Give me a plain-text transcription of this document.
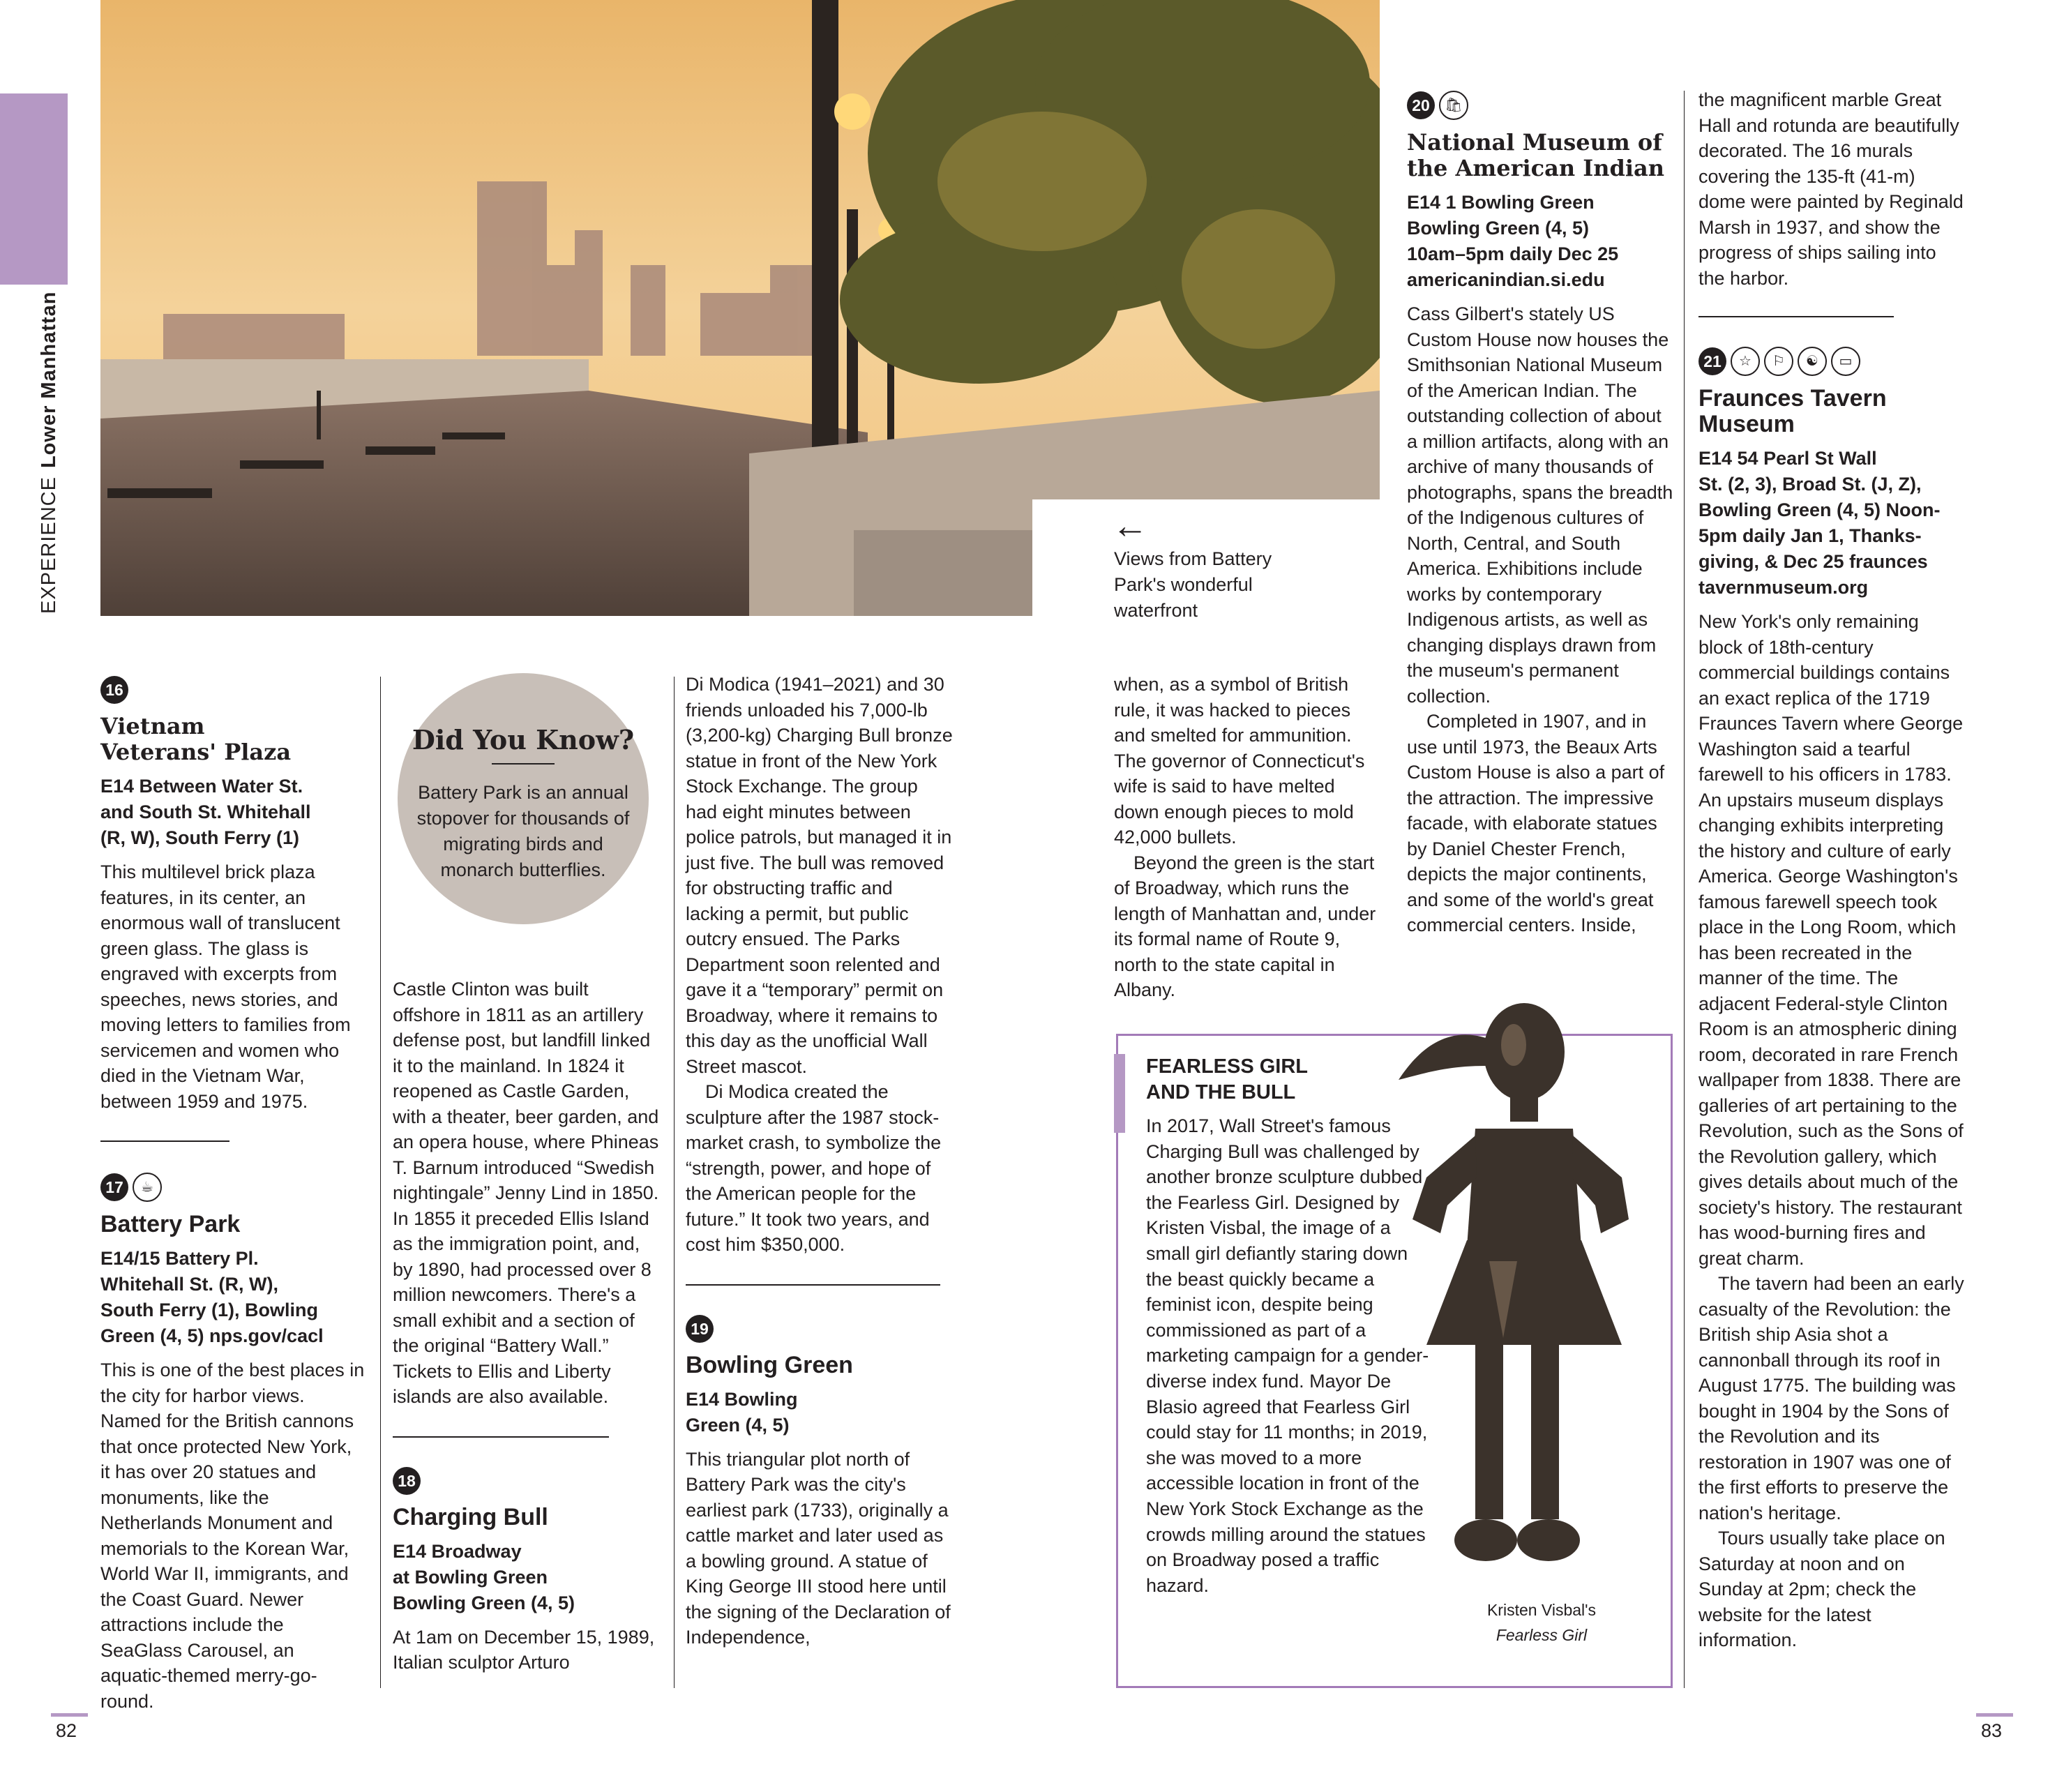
EXPERIENCELower Manhattan
←
Views from Battery
Park's wonderful
waterfront
16
Vietnam
Veterans' Plaza
E14 Between Water St.
and South St. Whitehall
(R, W), South Ferry (1)

This multilevel brick plaza features, in its center, an enormous wall of translucent green glass. The glass is engraved with excerpts from speeches, news stories, and moving letters to families from servicemen and women who died in the Vietnam War, between 1959 and 1975.

17 ☕
Battery Park
E14/15 Battery Pl.
Whitehall St. (R, W),
South Ferry (1), Bowling
Green (4, 5) nps.gov/cacl

This is one of the best places in the city for harbor views. Named for the British cannons that once protected New York, it has over 20 statues and monuments, like the Netherlands Monument and memorials to the Korean War, World War II, immigrants, and the Coast Guard. Newer attractions include the SeaGlass Carousel, an aquatic-themed merry-go-round.

Did You Know?
Battery Park is an annual stopover for thousands of migrating birds and monarch butterflies.

Castle Clinton was built offshore in 1811 as an artillery defense post, but landfill linked it to the mainland. In 1824 it reopened as Castle Garden, with a theater, beer garden, and an opera house, where Phineas T. Barnum introduced “Swedish nightingale” Jenny Lind in 1850. In 1855 it preceded Ellis Island as the immigration point, and, by 1890, had processed over 8 million newcomers. There's a small exhibit and a section of the original “Battery Wall.” Tickets to Ellis and Liberty islands are also available.

18
Charging Bull
E14 Broadway
at Bowling Green
Bowling Green (4, 5)

At 1am on December 15, 1989, Italian sculptor Arturo

Di Modica (1941–2021) and 30 friends unloaded his 7,000-lb (3,200-kg) Charging Bull bronze statue in front of the New York Stock Exchange. The group had eight minutes between police patrols, but managed it in just five. The bull was removed for obstructing traffic and lacking a permit, but public outcry ensued. The Parks Department soon relented and gave it a “temporary” permit on Broadway, where it remains to this day as the unofficial Wall Street mascot.

Di Modica created the sculpture after the 1987 stock-market crash, to symbolize the “strength, power, and hope of the American people for the future.” It took two years, and cost him $350,000.

19
Bowling Green
E14 Bowling
Green (4, 5)

This triangular plot north of Battery Park was the city's earliest park (1733), originally a cattle market and later used as a bowling ground. A statue of King George III stood here until the signing of the Declaration of Independence,

when, as a symbol of British rule, it was hacked to pieces and smelted for ammunition. The governor of Connecticut's wife is said to have melted down enough pieces to mold 42,000 bullets.

Beyond the green is the start of Broadway, which runs the length of Manhattan and, under its formal name of Route 9, north to the state capital in Albany.

20 🛍
National Museum of
the American Indian
E14 1 Bowling Green
Bowling Green (4, 5)
10am–5pm daily Dec 25
americanindian.si.edu

Cass Gilbert's stately US Custom House now houses the Smithsonian National Museum of the American Indian. The outstanding collection of about a million artifacts, along with an archive of many thousands of photographs, spans the breadth of the Indigenous cultures of North, Central, and South America. Exhibitions include works by contemporary Indigenous artists, as well as changing displays drawn from the museum's permanent collection.

Completed in 1907, and in use until 1973, the Beaux Arts Custom House is also a part of the attraction. The impressive facade, with elaborate statues by Daniel Chester French, depicts the major continents, and some of the world's great commercial centers. Inside,

the magnificent marble Great Hall and rotunda are beautifully decorated. The 16 murals covering the 135-ft (41-m) dome were painted by Reginald Marsh in 1937, and show the progress of ships sailing into the harbor.

21 ☆ ⚐ ☯ ▭
Fraunces Tavern
Museum
E14 54 Pearl St Wall
St. (2, 3), Broad St. (J, Z),
Bowling Green (4, 5) Noon-
5pm daily Jan 1, Thanks-
giving, & Dec 25 fraunces
tavernmuseum.org

New York's only remaining block of 18th-century commercial buildings contains an exact replica of the 1719 Fraunces Tavern where George Washington said a tearful farewell to his officers in 1783. An upstairs museum displays changing exhibits interpreting the history and culture of early America. George Washington's famous farewell speech took place in the Long Room, which has been recreated in the manner of the time. The adjacent Federal-style Clinton Room is an atmospheric dining room, decorated in rare French wallpaper from 1838. There are galleries of art pertaining to the Revolution, such as the Sons of the Revolution gallery, which gives details about much of the society's history. The restaurant has wood-burning fires and great charm.

The tavern had been an early casualty of the Revolution: the British ship Asia shot a cannonball through its roof in August 1775. The building was bought in 1904 by the Sons of the Revolution and its restoration in 1907 was one of the first efforts to preserve the nation's heritage.

Tours usually take place on Saturday at noon and on Sunday at 2pm; check the website for the latest information.

FEARLESS GIRL
AND THE BULL
In 2017, Wall Street's famous Charging Bull was challenged by another bronze sculpture dubbed the Fearless Girl. Designed by Kristen Visbal, the image of a small girl defiantly staring down the beast quickly became a feminist icon, despite being commissioned as part of a marketing campaign for a gender-diverse index fund. Mayor De Blasio agreed that Fearless Girl could stay for 11 months; in 2019, she was moved to a more accessible location in front of the New York Stock Exchange as the crowds milling around the statues on Broadway posed a traffic hazard.
Kristen Visbal's
Fearless Girl
82	83
